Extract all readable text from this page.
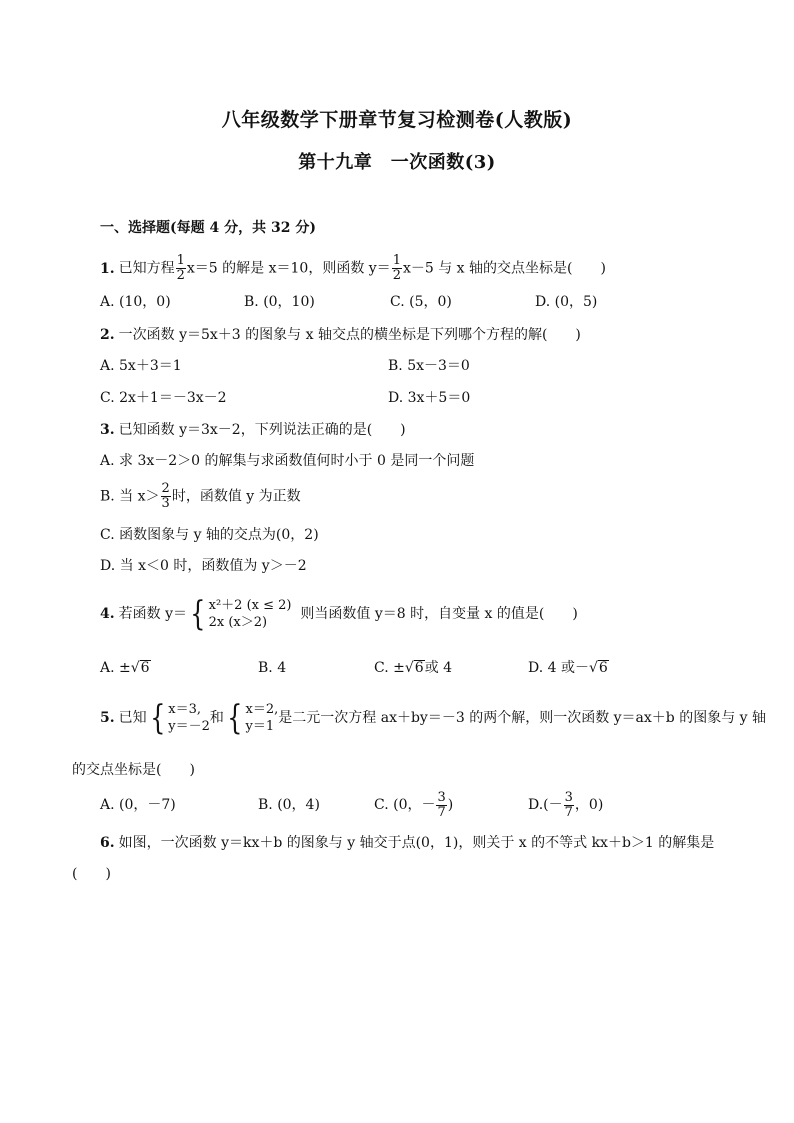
八年级数学下册章节复习检测卷(人教版)
第十九章　一次函数(3)
一、选择题(每题 4 分，共 32 分)
1. 已知方程 $\frac{1}{2} x=5$ 的解是 x＝10，则函数 $y= \frac{1}{2} x-5$ 与 x 轴的交点坐标是(　　)
A. (10，0)	B. (0，10)	C. (5，0)	D. (0，5)
2. 一次函数 y＝5x＋3 的图象与 x 轴交点的横坐标是下列哪个方程的解(　　)
A. 5x＋3＝1	B. 5x－3＝0
C. 2x＋1＝－3x－2	D. 3x＋5＝0
3. 已知函数 y＝3x－2，下列说法正确的是(　　)
A. 求 3x－2＞0 的解集与求函数值何时小于 0 是同一个问题
B. 当 $x> \frac{2}{3}$ 时，函数值 y 为正数
C. 函数图象与 y 轴的交点为(0，2)
D. 当 x＜0 时，函数值为 y＞－2
4. 若函数 y＝{ x²＋2 (x ≤ 2)
2x (x＞2)
则当函数值 y＝8 时，自变量 x 的值是(　　)
A. ±√6	B. 4	C. ±√6或 4	D. 4 或－√6
5. 已知{ x＝3,
y＝－2
和{ x＝2,
y＝1
是二元一次方程 ax＋by＝－3 的两个解，则一次函数 y＝ax＋b 的图象与 y 轴
的交点坐标是(　　)
A. (0，－7)	B. (0，4)	C. (0，－ $\frac{3}{7}$ )	$D.(- \frac{3}{7}$ ，0)
6. 如图，一次函数 y＝kx＋b 的图象与 y 轴交于点(0，1)，则关于 x 的不等式 kx＋b＞1 的解集是
(　　)
